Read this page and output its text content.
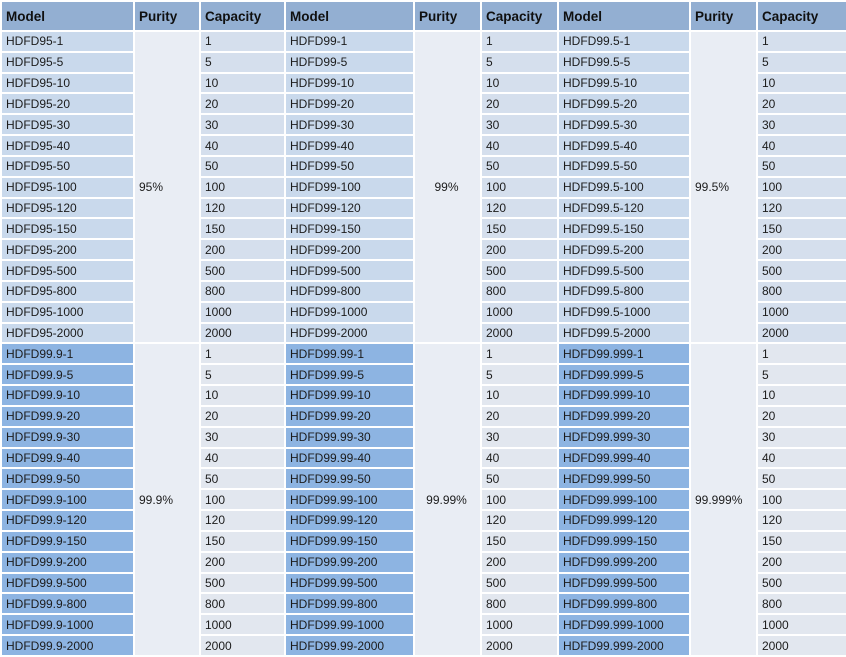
Model	Purity	Capacity	Model	Purity	Capacity	Model	Purity	Capacity
HDFD95-1	95%	1	HDFD99-1	99%	1	HDFD99.5-1	99.5%	1
HDFD95-5		5	HDFD99-5		5	HDFD99.5-5		5
HDFD95-10		10	HDFD99-10		10	HDFD99.5-10		10
HDFD95-20		20	HDFD99-20		20	HDFD99.5-20		20
HDFD95-30		30	HDFD99-30		30	HDFD99.5-30		30
HDFD95-40		40	HDFD99-40		40	HDFD99.5-40		40
HDFD95-50		50	HDFD99-50		50	HDFD99.5-50		50
HDFD95-100		100	HDFD99-100		100	HDFD99.5-100		100
HDFD95-120		120	HDFD99-120		120	HDFD99.5-120		120
HDFD95-150		150	HDFD99-150		150	HDFD99.5-150		150
HDFD95-200		200	HDFD99-200		200	HDFD99.5-200		200
HDFD95-500		500	HDFD99-500		500	HDFD99.5-500		500
HDFD95-800		800	HDFD99-800		800	HDFD99.5-800		800
HDFD95-1000		1000	HDFD99-1000		1000	HDFD99.5-1000		1000
HDFD95-2000		2000	HDFD99-2000		2000	HDFD99.5-2000		2000
HDFD99.9-1	99.9%	1	HDFD99.99-1	99.99%	1	HDFD99.999-1	99.999%	1
HDFD99.9-5		5	HDFD99.99-5		5	HDFD99.999-5		5
HDFD99.9-10		10	HDFD99.99-10		10	HDFD99.999-10		10
HDFD99.9-20		20	HDFD99.99-20		20	HDFD99.999-20		20
HDFD99.9-30		30	HDFD99.99-30		30	HDFD99.999-30		30
HDFD99.9-40		40	HDFD99.99-40		40	HDFD99.999-40		40
HDFD99.9-50		50	HDFD99.99-50		50	HDFD99.999-50		50
HDFD99.9-100		100	HDFD99.99-100		100	HDFD99.999-100		100
HDFD99.9-120		120	HDFD99.99-120		120	HDFD99.999-120		120
HDFD99.9-150		150	HDFD99.99-150		150	HDFD99.999-150		150
HDFD99.9-200		200	HDFD99.99-200		200	HDFD99.999-200		200
HDFD99.9-500		500	HDFD99.99-500		500	HDFD99.999-500		500
HDFD99.9-800		800	HDFD99.99-800		800	HDFD99.999-800		800
HDFD99.9-1000		1000	HDFD99.99-1000		1000	HDFD99.999-1000		1000
HDFD99.9-2000		2000	HDFD99.99-2000		2000	HDFD99.999-2000		2000
